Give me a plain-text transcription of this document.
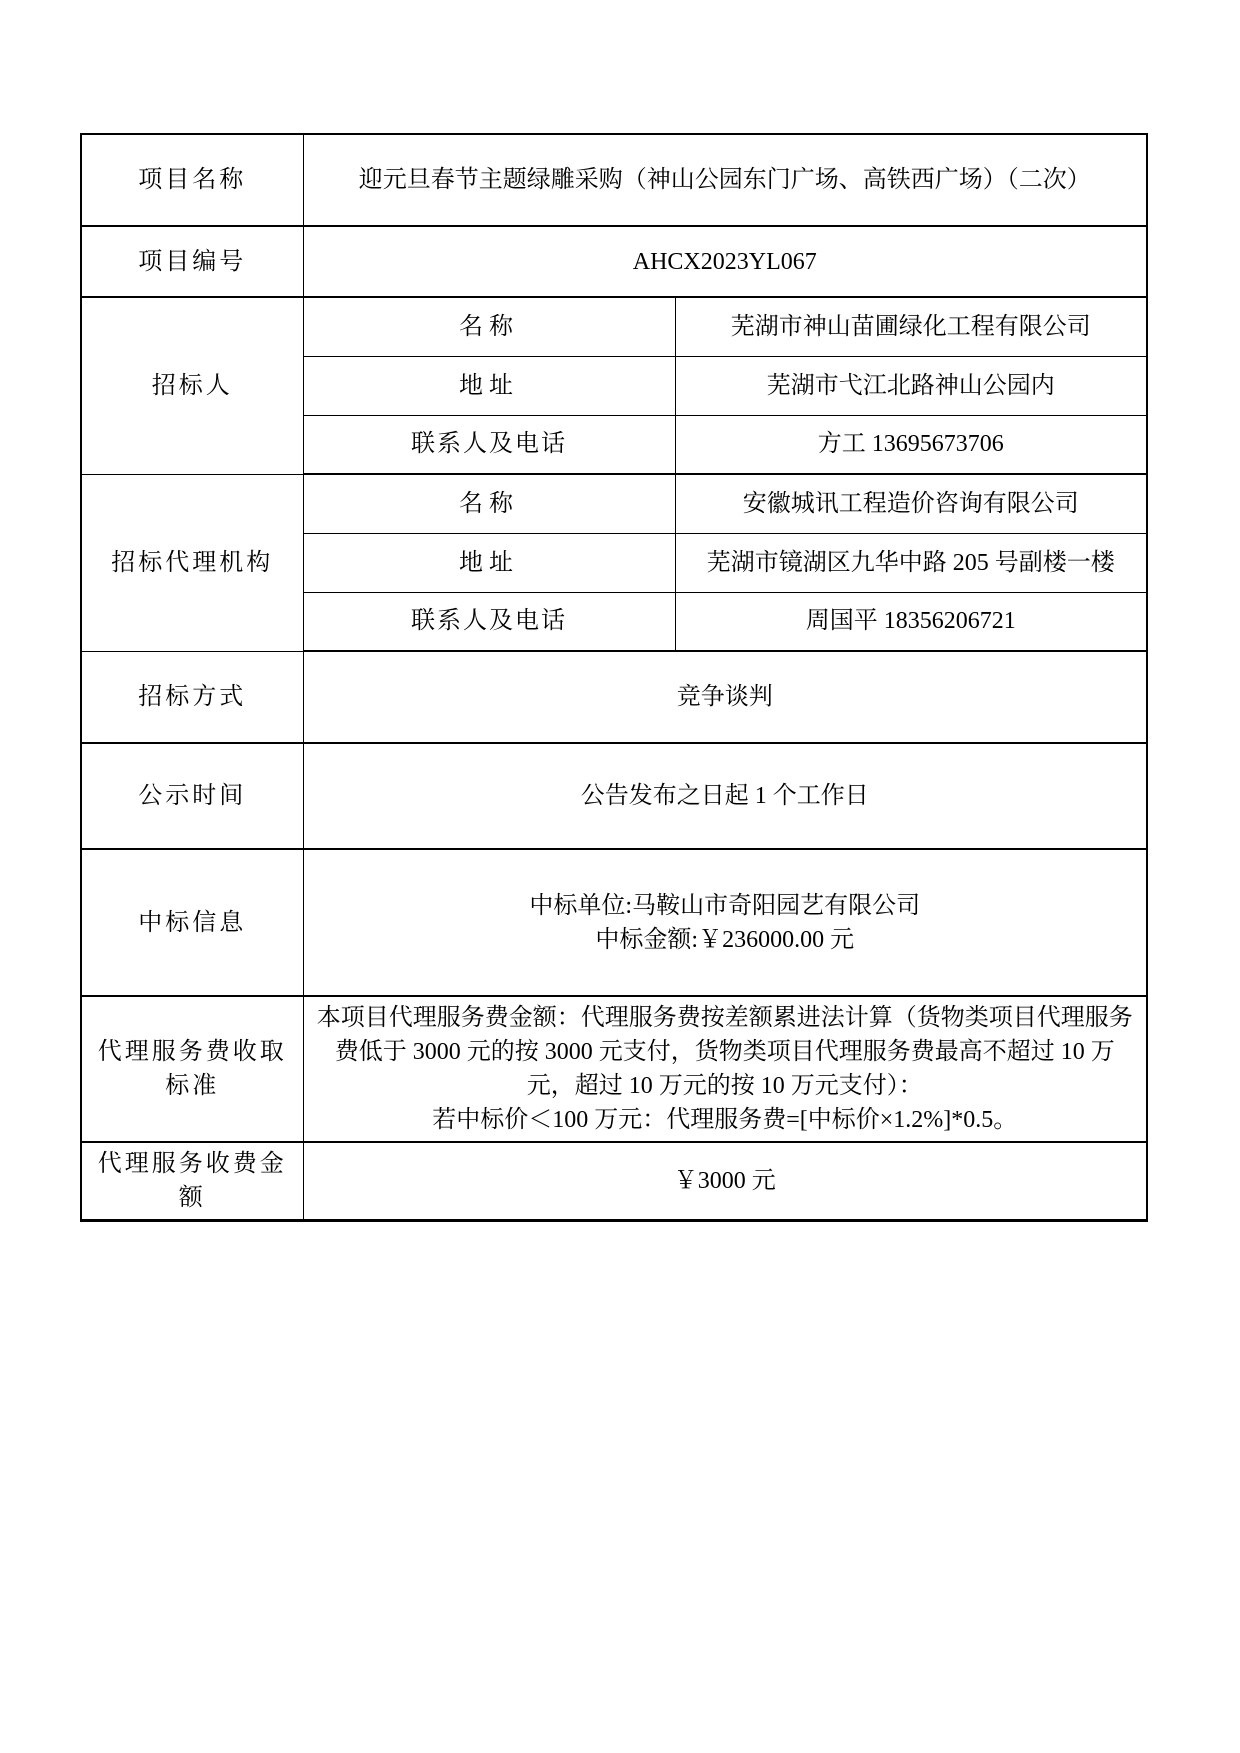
项目名称	迎元旦春节主题绿雕采购（神山公园东门广场、高铁西广场）（二次）	
项目编号	AHCX2023YL067	
招标人	名称	芜湖市神山苗圃绿化工程有限公司
	地址	芜湖市弋江北路神山公园内
	联系人及电话	方工 13695673706
招标代理机构	名称	安徽城讯工程造价咨询有限公司
	地址	芜湖市镜湖区九华中路 205 号副楼一楼
	联系人及电话	周国平 18356206721
招标方式	竞争谈判	
公示时间	公告发布之日起 1 个工作日	
中标信息	中标单位:马鞍山市奇阳园艺有限公司
中标金额:￥236000.00 元	

代理服务费收取标准	本项目代理服务费金额：代理服务费按差额累进法计算（货物类项目代理服务费低于 3000 元的按 3000 元支付，货物类项目代理服务费最高不超过 10 万元，超过 10 万元的按 10 万元支付）：
若中标价＜100 万元：代理服务费=[中标价×1.2%]*0.5。	

代理服务收费金额	￥3000 元	
